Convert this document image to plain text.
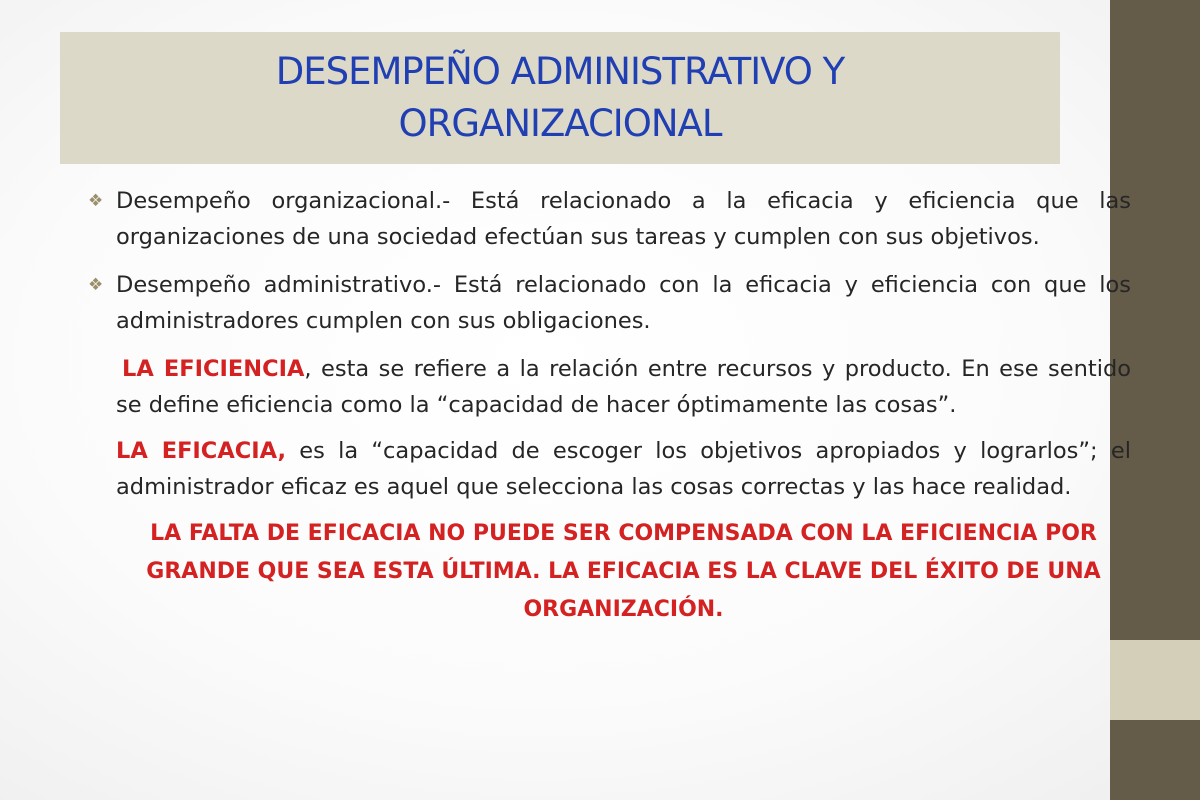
DESEMPEÑO ADMINISTRATIVO Y ORGANIZACIONAL
❖ Desempeño organizacional.- Está relacionado a la eficacia y eficiencia que las organizaciones de una sociedad efectúan sus tareas y cumplen con sus objetivos.
❖ Desempeño administrativo.- Está relacionado con la eficacia y eficiencia con que los administradores cumplen con sus obligaciones.
LA EFICIENCIA, esta se refiere a la relación entre recursos y producto. En ese sentido se define eficiencia como la “capacidad de hacer óptimamente las cosas”.
LA EFICACIA, es la “capacidad de escoger los objetivos apropiados y lograrlos”; el administrador eficaz es aquel que selecciona las cosas correctas y las hace realidad.
LA FALTA DE EFICACIA NO PUEDE SER COMPENSADA CON LA EFICIENCIA POR GRANDE QUE SEA ESTA ÚLTIMA. LA EFICACIA ES LA CLAVE DEL ÉXITO DE UNA ORGANIZACIÓN.
